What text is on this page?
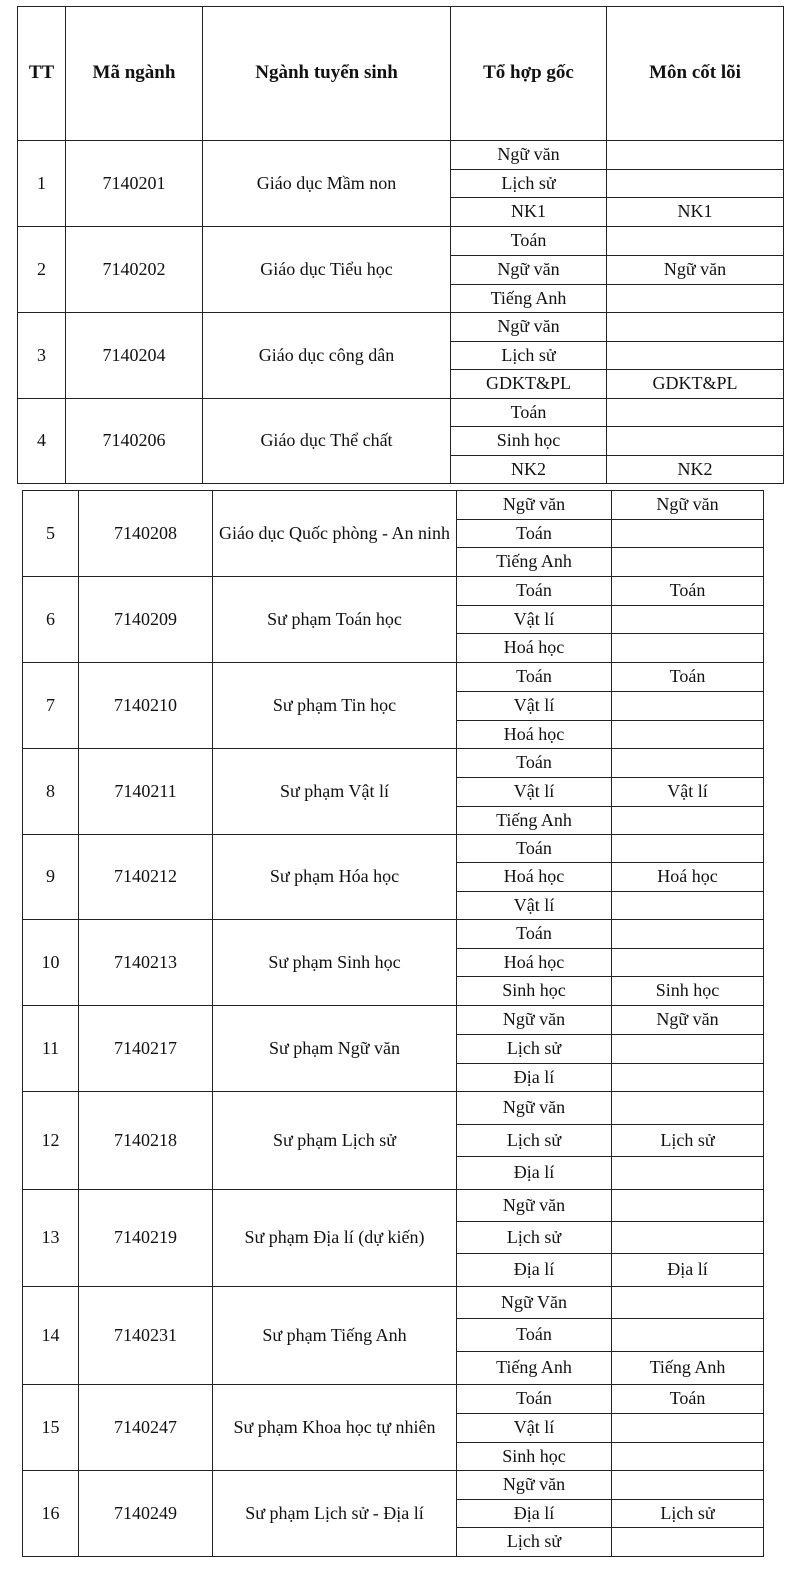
TT	Mã ngành	Ngành tuyển sinh	Tổ hợp gốc	Môn cốt lõi
1	7140201	Giáo dục Mầm non	Ngữ văn	
			Lịch sử	
			NK1	NK1
2	7140202	Giáo dục Tiểu học	Toán	
			Ngữ văn	Ngữ văn
			Tiếng Anh	
3	7140204	Giáo dục công dân	Ngữ văn	
			Lịch sử	
			GDKT&PL	GDKT&PL
4	7140206	Giáo dục Thể chất	Toán	
			Sinh học	
			NK2	NK2
5	7140208	Giáo dục Quốc phòng - An ninh	Ngữ văn	Ngữ văn
			Toán	
			Tiếng Anh	
6	7140209	Sư phạm Toán học	Toán	Toán
			Vật lí	
			Hoá học	
7	7140210	Sư phạm Tin học	Toán	Toán
			Vật lí	
			Hoá học	
8	7140211	Sư phạm Vật lí	Toán	
			Vật lí	Vật lí
			Tiếng Anh	
9	7140212	Sư phạm Hóa học	Toán	
			Hoá học	Hoá học
			Vật lí	
10	7140213	Sư phạm Sinh học	Toán	
			Hoá học	
			Sinh học	Sinh học
11	7140217	Sư phạm Ngữ văn	Ngữ văn	Ngữ văn
			Lịch sử	
			Địa lí	
12	7140218	Sư phạm Lịch sử	Ngữ văn	
			Lịch sử	Lịch sử
			Địa lí	
13	7140219	Sư phạm Địa lí (dự kiến)	Ngữ văn	
			Lịch sử	
			Địa lí	Địa lí
14	7140231	Sư phạm Tiếng Anh	Ngữ Văn	
			Toán	
			Tiếng Anh	Tiếng Anh
15	7140247	Sư phạm Khoa học tự nhiên	Toán	Toán
			Vật lí	
			Sinh học	
16	7140249	Sư phạm Lịch sử - Địa lí	Ngữ văn	
			Địa lí	Lịch sử
			Lịch sử	
